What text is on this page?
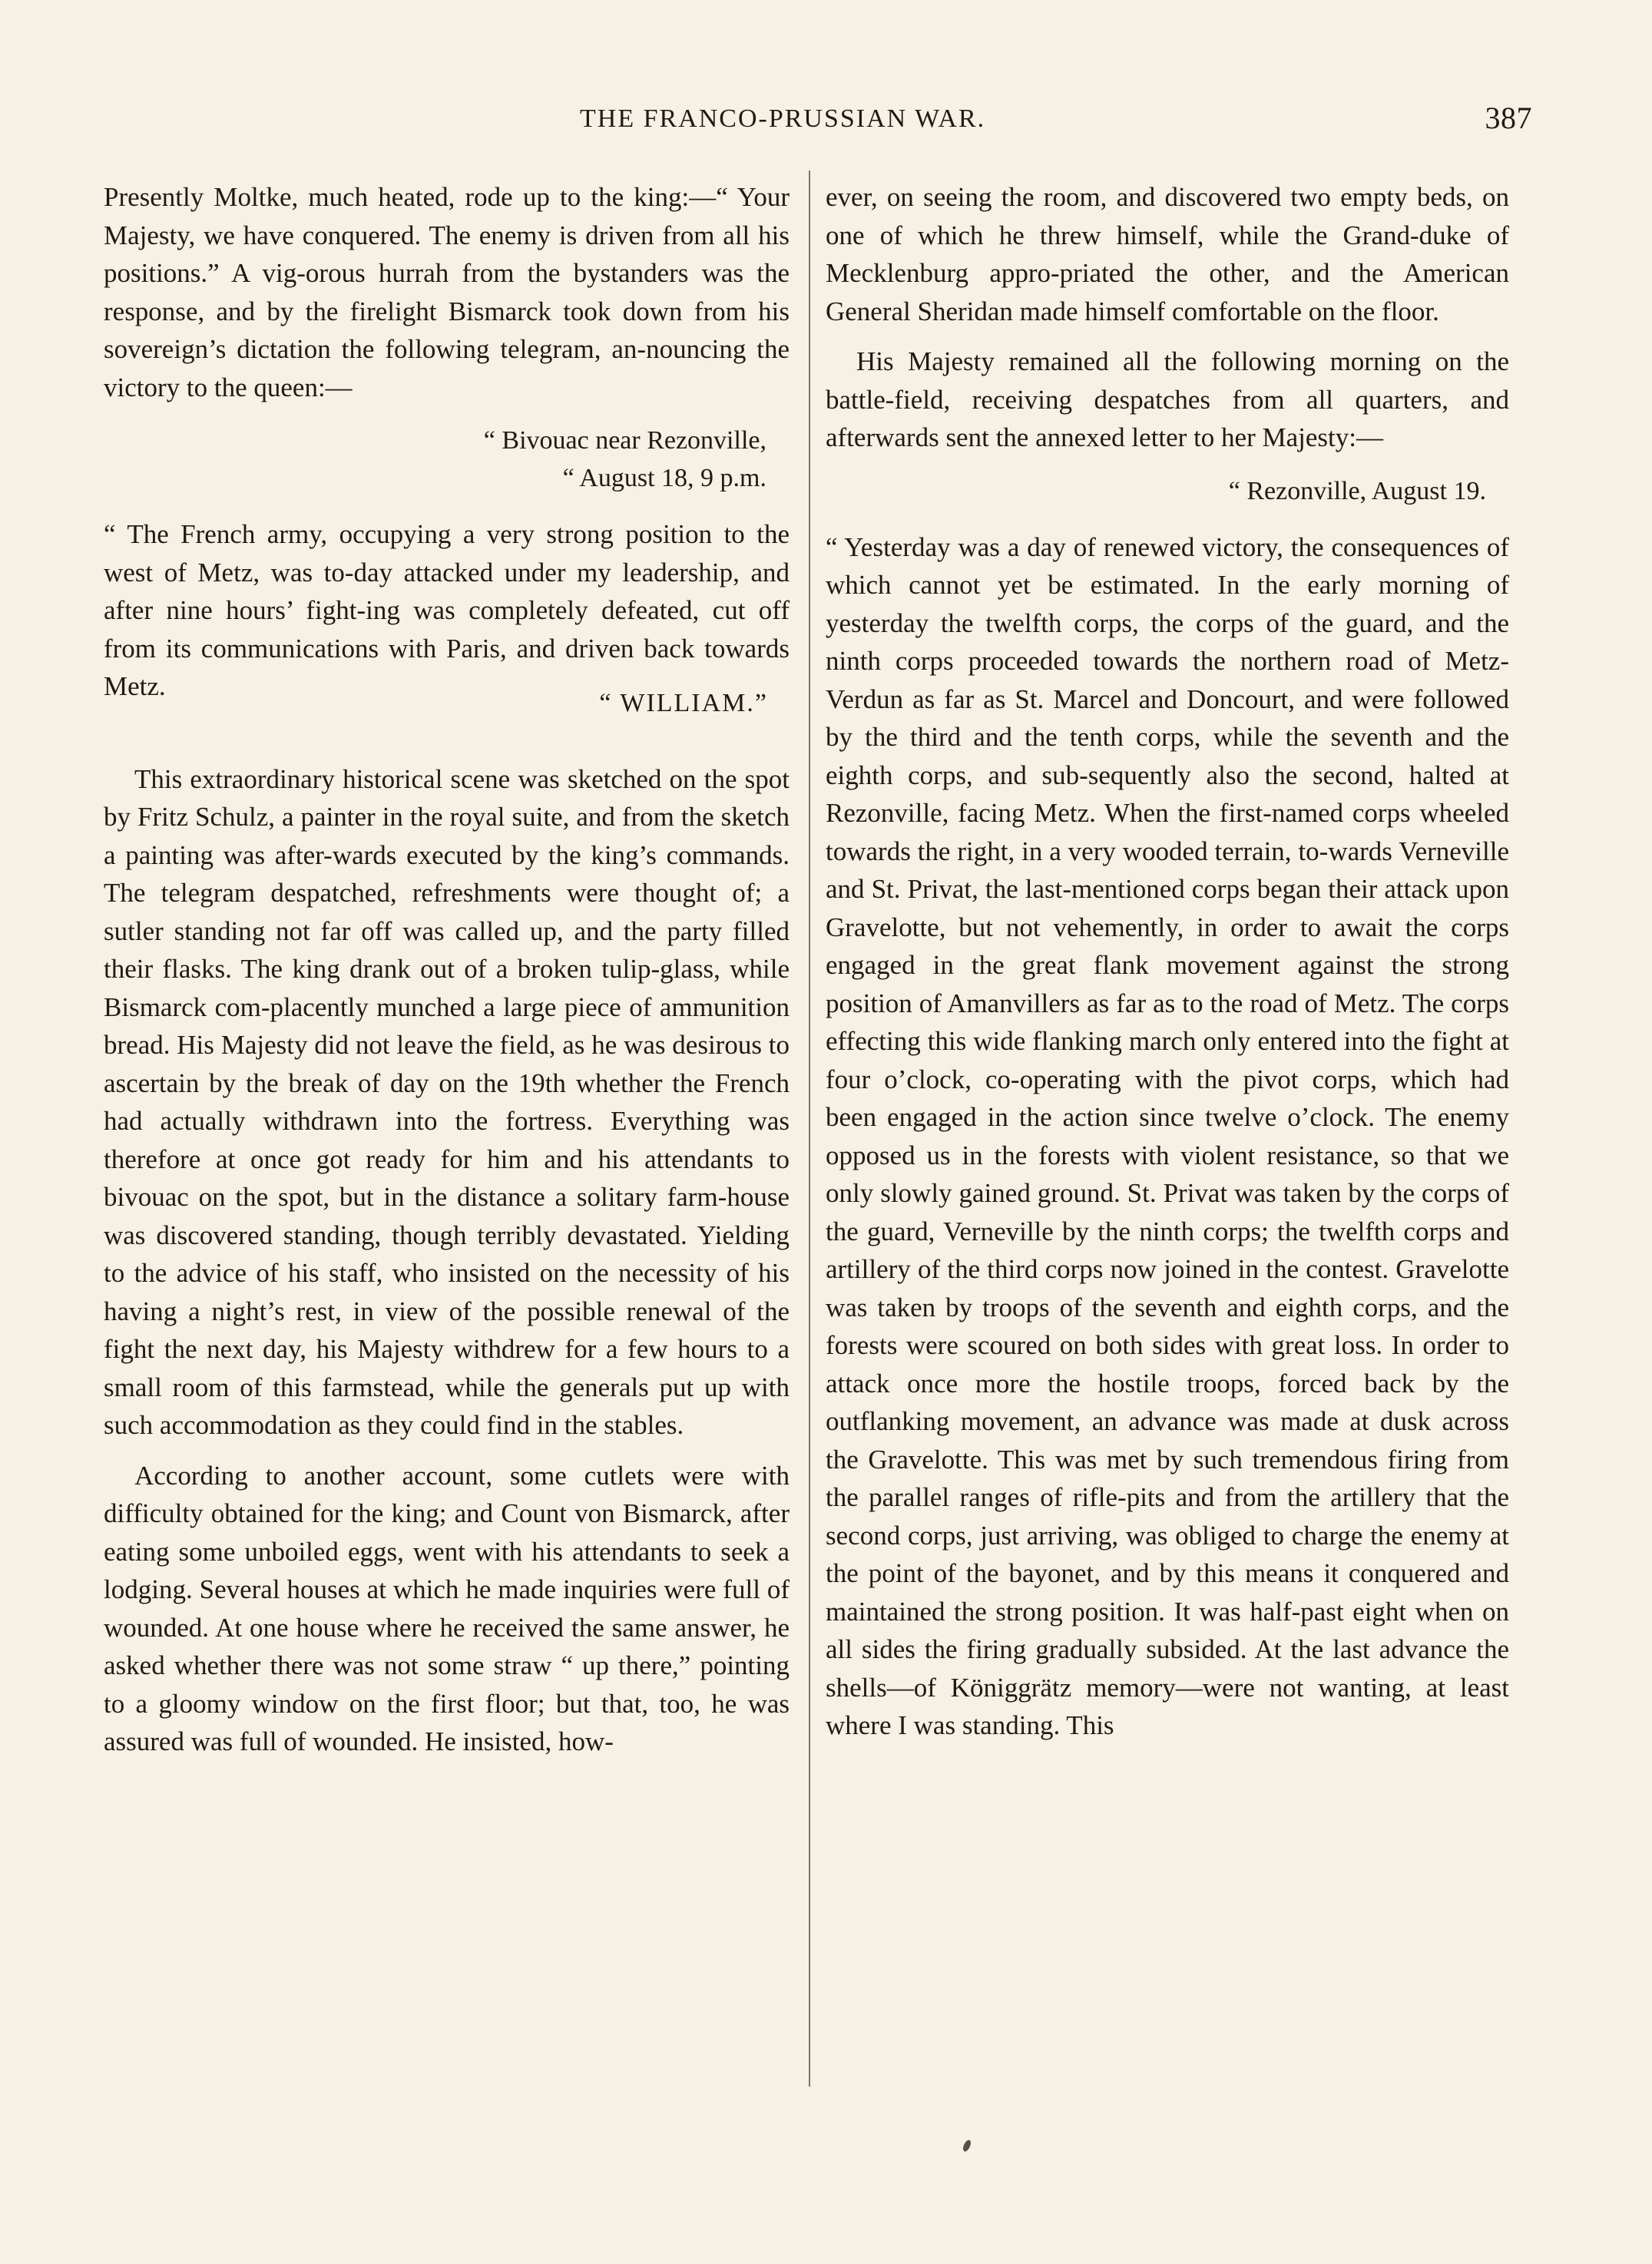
THE FRANCO-PRUSSIAN WAR.	387

Presently Moltke, much heated, rode up to the king:—“ Your Majesty, we have conquered. The enemy is driven from all his positions.” A vig-orous hurrah from the bystanders was the response, and by the firelight Bismarck took down from his sovereign’s dictation the following telegram, an-nouncing the victory to the queen:—

“ Bivouac near Rezonville,
“ August 18, 9 p.m.

“ The French army, occupying a very strong position to the west of Metz, was to-day attacked under my leadership, and after nine hours’ fight-ing was completely defeated, cut off from its communications with Paris, and driven back towards Metz.

“ WILLIAM.”

This extraordinary historical scene was sketched on the spot by Fritz Schulz, a painter in the royal suite, and from the sketch a painting was after-wards executed by the king’s commands. The telegram despatched, refreshments were thought of; a sutler standing not far off was called up, and the party filled their flasks. The king drank out of a broken tulip-glass, while Bismarck com-placently munched a large piece of ammunition bread. His Majesty did not leave the field, as he was desirous to ascertain by the break of day on the 19th whether the French had actually withdrawn into the fortress. Everything was therefore at once got ready for him and his attendants to bivouac on the spot, but in the distance a solitary farm-house was discovered standing, though terribly devastated. Yielding to the advice of his staff, who insisted on the necessity of his having a night’s rest, in view of the possible renewal of the fight the next day, his Majesty withdrew for a few hours to a small room of this farmstead, while the generals put up with such accommodation as they could find in the stables.

According to another account, some cutlets were with difficulty obtained for the king; and Count von Bismarck, after eating some unboiled eggs, went with his attendants to seek a lodging. Several houses at which he made inquiries were full of wounded. At one house where he received the same answer, he asked whether there was not some straw “ up there,” pointing to a gloomy window on the first floor; but that, too, he was assured was full of wounded. He insisted, how-

ever, on seeing the room, and discovered two empty beds, on one of which he threw himself, while the Grand-duke of Mecklenburg appro-priated the other, and the American General Sheridan made himself comfortable on the floor.

His Majesty remained all the following morning on the battle-field, receiving despatches from all quarters, and afterwards sent the annexed letter to her Majesty:—

“ Rezonville, August 19.

“ Yesterday was a day of renewed victory, the consequences of which cannot yet be estimated. In the early morning of yesterday the twelfth corps, the corps of the guard, and the ninth corps proceeded towards the northern road of Metz-Verdun as far as St. Marcel and Doncourt, and were followed by the third and the tenth corps, while the seventh and the eighth corps, and sub-sequently also the second, halted at Rezonville, facing Metz. When the first-named corps wheeled towards the right, in a very wooded terrain, to-wards Verneville and St. Privat, the last-mentioned corps began their attack upon Gravelotte, but not vehemently, in order to await the corps engaged in the great flank movement against the strong position of Amanvillers as far as to the road of Metz. The corps effecting this wide flanking march only entered into the fight at four o’clock, co-operating with the pivot corps, which had been engaged in the action since twelve o’clock. The enemy opposed us in the forests with violent resistance, so that we only slowly gained ground. St. Privat was taken by the corps of the guard, Verneville by the ninth corps; the twelfth corps and artillery of the third corps now joined in the contest. Gravelotte was taken by troops of the seventh and eighth corps, and the forests were scoured on both sides with great loss. In order to attack once more the hostile troops, forced back by the outflanking movement, an advance was made at dusk across the Gravelotte. This was met by such tremendous firing from the parallel ranges of rifle-pits and from the artillery that the second corps, just arriving, was obliged to charge the enemy at the point of the bayonet, and by this means it conquered and maintained the strong position. It was half-past eight when on all sides the firing gradually subsided. At the last advance the shells—of Königgrätz memory—were not wanting, at least where I was standing. This
